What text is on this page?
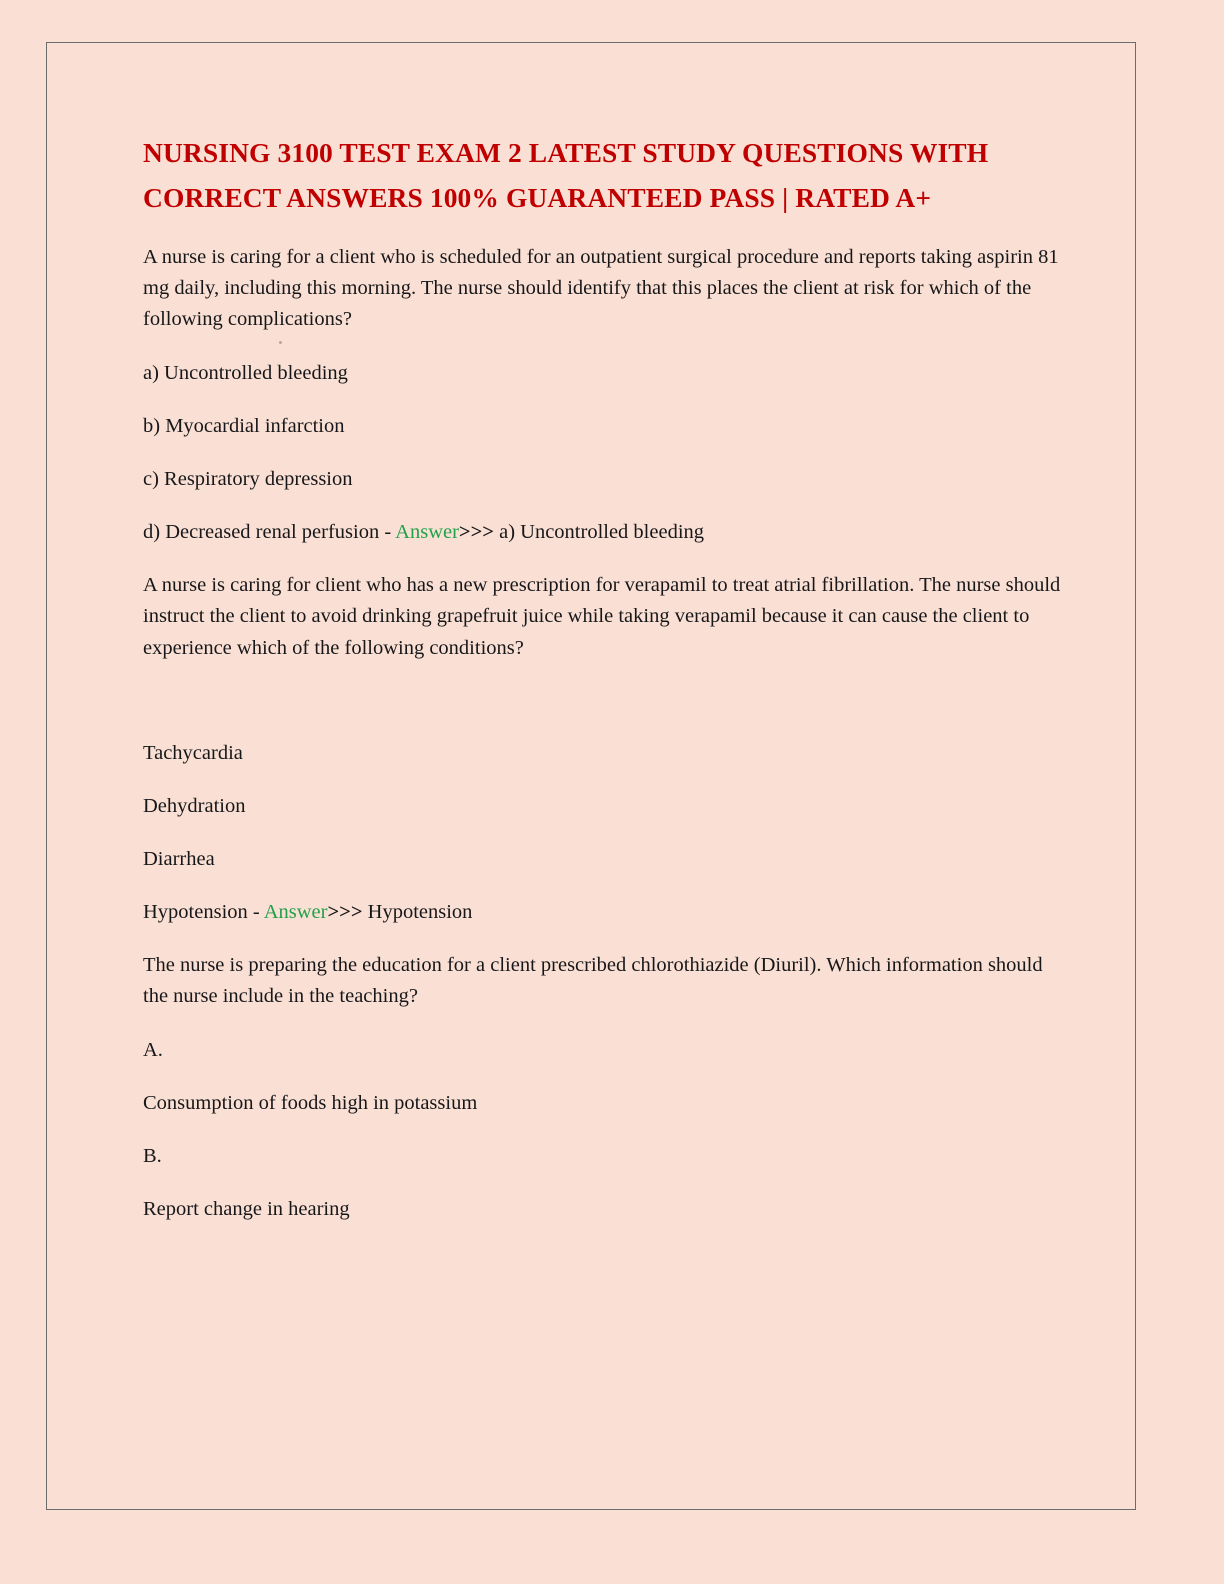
NURSING 3100 TEST EXAM 2 LATEST STUDY QUESTIONS WITH CORRECT ANSWERS 100% GUARANTEED PASS | RATED A+

A nurse is caring for a client who is scheduled for an outpatient surgical procedure and reports taking aspirin 81 mg daily, including this morning. The nurse should identify that this places the client at risk for which of the following complications?

a) Uncontrolled bleeding

b) Myocardial infarction

c) Respiratory depression

d) Decreased renal perfusion - Answer>>> a) Uncontrolled bleeding

A nurse is caring for client who has a new prescription for verapamil to treat atrial fibrillation. The nurse should instruct the client to avoid drinking grapefruit juice while taking verapamil because it can cause the client to experience which of the following conditions?

Tachycardia

Dehydration

Diarrhea

Hypotension - Answer>>> Hypotension

The nurse is preparing the education for a client prescribed chlorothiazide (Diuril). Which information should the nurse include in the teaching?

A.

Consumption of foods high in potassium

B.

Report change in hearing
